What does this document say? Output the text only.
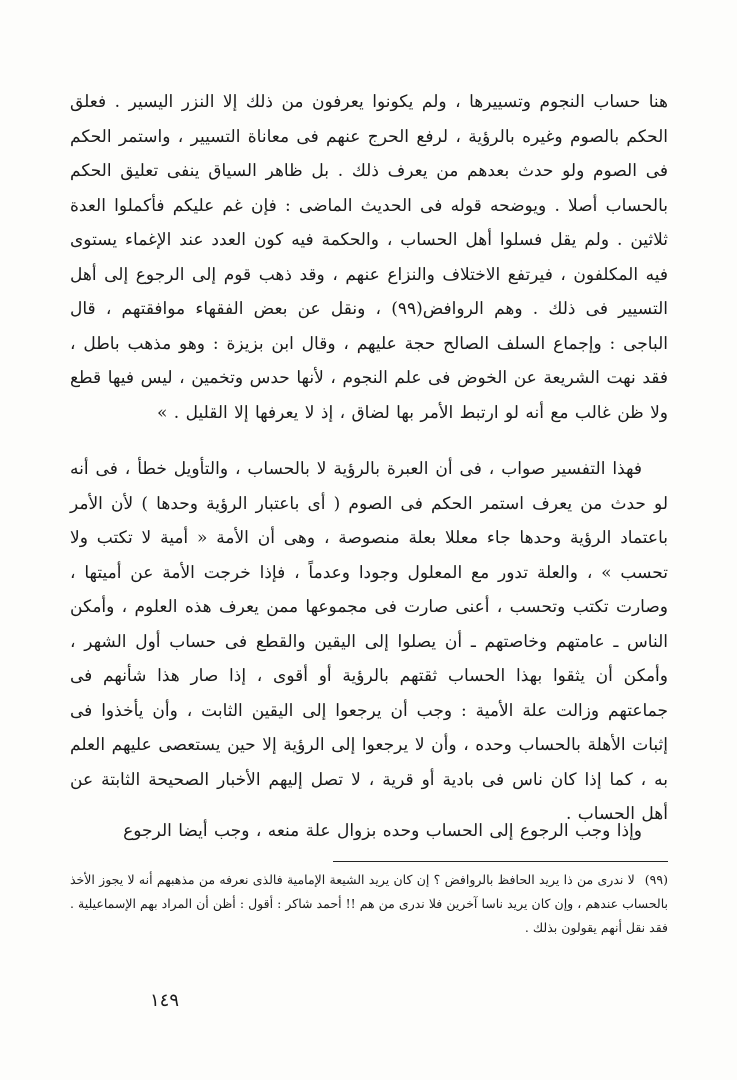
هنا حساب النجوم وتسييرها ، ولم يكونوا يعرفون من ذلك إلا النزر اليسير . فعلق الحكم بالصوم وغيره بالرؤية ، لرفع الحرج عنهم فى معاناة التسيير ، واستمر الحكم فى الصوم ولو حدث بعدهم من يعرف ذلك . بل ظاهر السياق ينفى تعليق الحكم بالحساب أصلا . ويوضحه قوله فى الحديث الماضى : فإن غم عليكم فأكملوا العدة ثلاثين . ولم يقل فسلوا أهل الحساب ، والحكمة فيه كون العدد عند الإغماء يستوى فيه المكلفون ، فيرتفع الاختلاف والنزاع عنهم ، وقد ذهب قوم إلى الرجوع إلى أهل التسيير فى ذلك . وهم الروافض(٩٩) ، ونقل عن بعض الفقهاء موافقتهم ، قال الباجى : وإجماع السلف الصالح حجة عليهم ، وقال ابن بزيزة : وهو مذهب باطل ، فقد نهت الشريعة عن الخوض فى علم النجوم ، لأنها حدس وتخمين ، ليس فيها قطع ولا ظن غالب مع أنه لو ارتبط الأمر بها لضاق ، إذ لا يعرفها إلا القليل . »

فهذا التفسير صواب ، فى أن العبرة بالرؤية لا بالحساب ، والتأويل خطأ ، فى أنه لو حدث من يعرف استمر الحكم فى الصوم ( أى باعتبار الرؤية وحدها ) لأن الأمر باعتماد الرؤية وحدها جاء معللا بعلة منصوصة ، وهى أن الأمة « أمية لا تكتب ولا تحسب » ، والعلة تدور مع المعلول وجودا وعدماً ، فإذا خرجت الأمة عن أميتها ، وصارت تكتب وتحسب ، أعنى صارت فى مجموعها ممن يعرف هذه العلوم ، وأمكن الناس ـ عامتهم وخاصتهم ـ أن يصلوا إلى اليقين والقطع فى حساب أول الشهر ، وأمكن أن يثقوا بهذا الحساب ثقتهم بالرؤية أو أقوى ، إذا صار هذا شأنهم فى جماعتهم وزالت علة الأمية : وجب أن يرجعوا إلى اليقين الثابت ، وأن يأخذوا فى إثبات الأهلة بالحساب وحده ، وأن لا يرجعوا إلى الرؤية إلا حين يستعصى عليهم العلم به ، كما إذا كان ناس فى بادية أو قرية ، لا تصل إليهم الأخبار الصحيحة الثابتة عن أهل الحساب .

وإذا وجب الرجوع إلى الحساب وحده بزوال علة منعه ، وجب أيضا الرجوع

(٩٩)لا ندرى من ذا يريد الحافظ بالروافض ؟ إن كان يريد الشيعة الإمامية فالذى نعرفه من مذهبهم أنه لا يجوز الأخذ بالحساب عندهم ، وإن كان يريد ناسا آخرين فلا ندرى من هم !! أحمد شاكر : أقول : أظن أن المراد بهم الإسماعيلية . فقد نقل أنهم يقولون بذلك .

١٤٩
